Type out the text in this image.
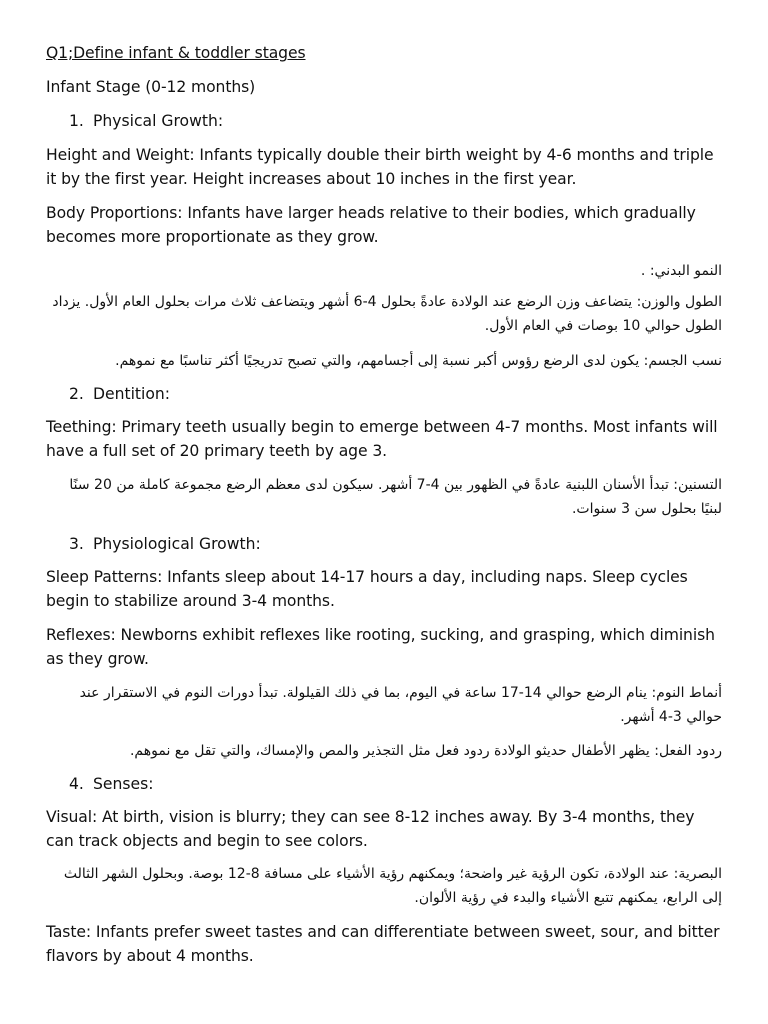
Q1;Define infant & toddler stages

Infant Stage (0-12 months)

1. Physical Growth:

Height and Weight: Infants typically double their birth weight by 4-6 months and triple it by the first year. Height increases about 10 inches in the first year.

Body Proportions: Infants have larger heads relative to their bodies, which gradually becomes more proportionate as they grow.

النمو البدني: .

الطول والوزن: يتضاعف وزن الرضع عند الولادة عادةً بحلول 4-6 أشهر ويتضاعف ثلاث مرات بحلول العام الأول. يزداد الطول حوالي 10 بوصات في العام الأول.

نسب الجسم: يكون لدى الرضع رؤوس أكبر نسبة إلى أجسامهم، والتي تصبح تدريجيًا أكثر تناسبًا مع نموهم.

2. Dentition:

Teething: Primary teeth usually begin to emerge between 4-7 months. Most infants will have a full set of 20 primary teeth by age 3.

التسنين: تبدأ الأسنان اللبنية عادةً في الظهور بين 4-7 أشهر. سيكون لدى معظم الرضع مجموعة كاملة من 20 سنًا لبنيًا بحلول سن 3 سنوات.

3. Physiological Growth:

Sleep Patterns: Infants sleep about 14-17 hours a day, including naps. Sleep cycles begin to stabilize around 3-4 months.

Reflexes: Newborns exhibit reflexes like rooting, sucking, and grasping, which diminish as they grow.

أنماط النوم: ينام الرضع حوالي 14-17 ساعة في اليوم، بما في ذلك القيلولة. تبدأ دورات النوم في الاستقرار عند حوالي 3-4 أشهر.

ردود الفعل: يظهر الأطفال حديثو الولادة ردود فعل مثل التجذير والمص والإمساك، والتي تقل مع نموهم.

4. Senses:

Visual: At birth, vision is blurry; they can see 8-12 inches away. By 3-4 months, they can track objects and begin to see colors.

البصرية: عند الولادة، تكون الرؤية غير واضحة؛ ويمكنهم رؤية الأشياء على مسافة 8-12 بوصة. وبحلول الشهر الثالث إلى الرابع، يمكنهم تتبع الأشياء والبدء في رؤية الألوان.

Taste: Infants prefer sweet tastes and can differentiate between sweet, sour, and bitter flavors by about 4 months.
